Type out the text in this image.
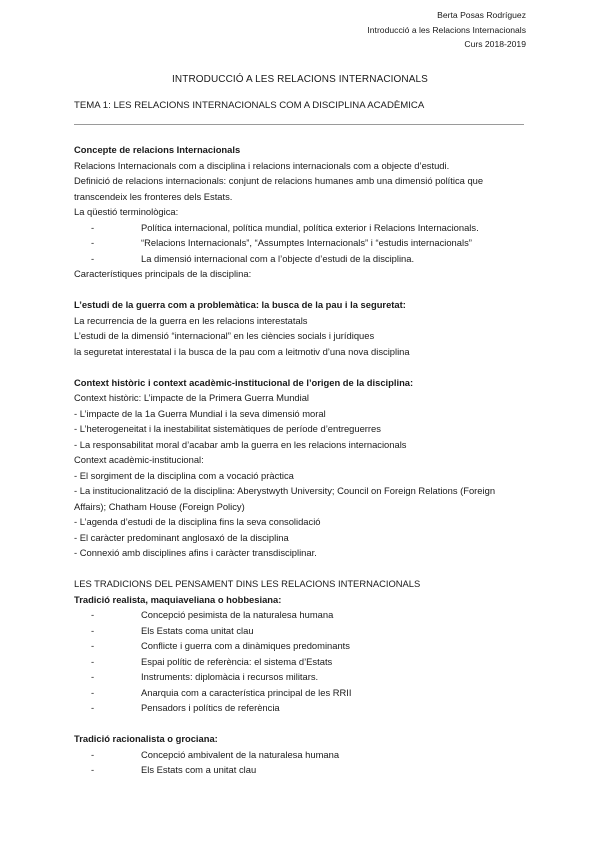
Berta Posas Rodríguez
Introducció a les Relacions Internacionals
Curs 2018-2019
INTRODUCCIÓ A LES RELACIONS INTERNACIONALS
TEMA 1: LES RELACIONS INTERNACIONALS COM A DISCIPLINA ACADÈMICA
Concepte de relacions Internacionals
Relacions Internacionals com a disciplina i relacions internacionals com a objecte d’estudi.
Definició de relacions internacionals: conjunt de relacions humanes amb una dimensió política que transcendeix les fronteres dels Estats.
La qüestió terminològica:
- Política internacional, política mundial, política exterior i Relacions Internacionals.
- “Relacions Internacionals”, “Assumptes Internacionals” i “estudis internacionals”
- La dimensió internacional com a l’objecte d’estudi de la disciplina.
Característiques principals de la disciplina:
L’estudi de la guerra com a problemàtica: la busca de la pau i la seguretat:
La recurrencia de la guerra en les relacions interestatals
L’estudi de la dimensió “internacional” en les ciències socials i jurídiques
la seguretat interestatal i la busca de la pau com a leitmotiv d’una nova disciplina
Context històric i context acadèmic-institucional de l’origen de la disciplina:
Context històric: L’impacte de la Primera Guerra Mundial
- L’impacte de la 1a Guerra Mundial i la seva dimensió moral
- L’heterogeneitat i la inestabilitat sistemàtiques de període d’entreguerres
- La responsabilitat moral d’acabar amb la guerra en les relacions internacionals
Context acadèmic-institucional:
- El sorgiment de la disciplina com a vocació pràctica
- La institucionalització de la disciplina: Aberystwyth University; Council on Foreign Relations (Foreign Affairs); Chatham House (Foreign Policy)
- L’agenda d’estudi de la disciplina fins la seva consolidació
- El caràcter predominant anglosaxó de la disciplina
- Connexió amb disciplines afins i caràcter transdisciplinar.
LES TRADICIONS DEL PENSAMENT DINS LES RELACIONS INTERNACIONALS
Tradició realista, maquiaveliana o hobbesiana:
- Concepció pesimista de la naturalesa humana
- Els Estats coma unitat clau
- Conflicte i guerra com a dinàmiques predominants
- Espai polític de referència: el sistema d’Estats
- Instruments: diplomàcia i recursos militars.
- Anarquia com a característica principal de les RRII
- Pensadors i polítics de referència
Tradició racionalista o grociana:
- Concepció ambivalent de la naturalesa humana
- Els Estats com a unitat clau
